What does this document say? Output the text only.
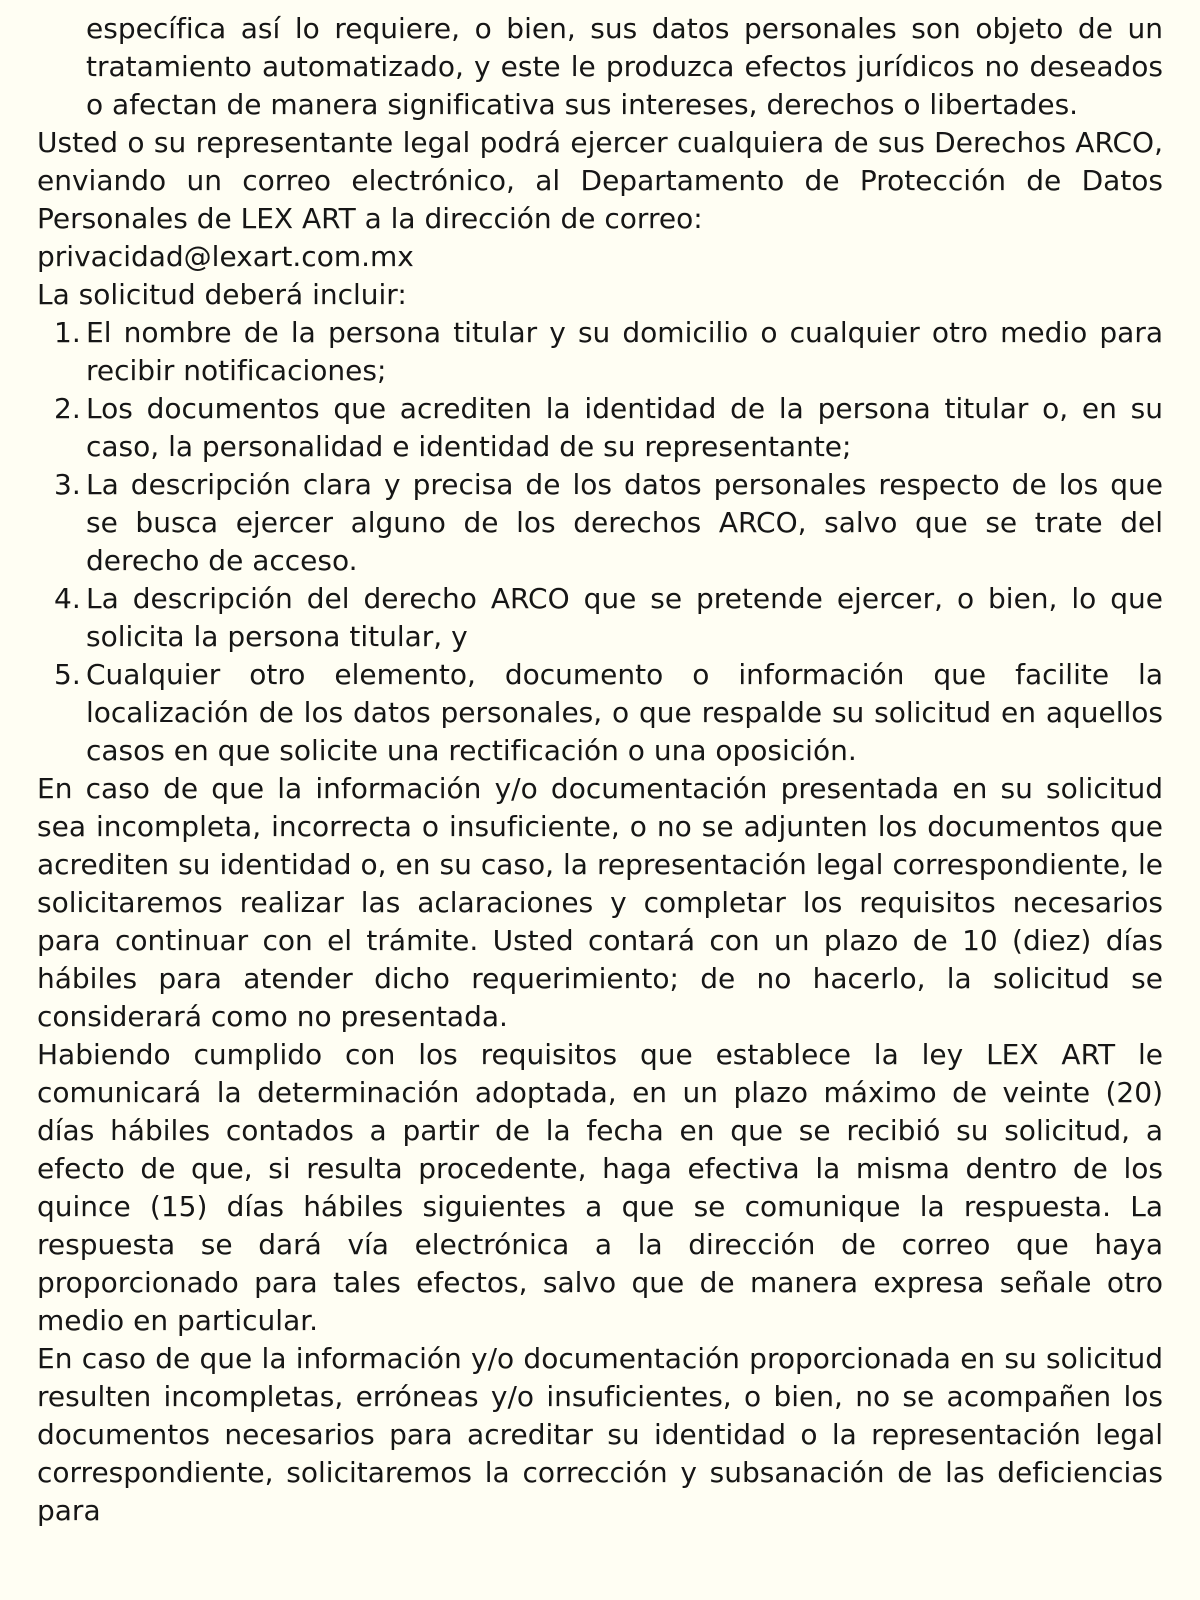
específica así lo requiere, o bien, sus datos personales son objeto de un tratamiento automatizado, y este le produzca efectos jurídicos no deseados o afectan de manera significativa sus intereses, derechos o libertades.

Usted o su representante legal podrá ejercer cualquiera de sus Derechos ARCO, enviando un correo electrónico, al Departamento de Protección de Datos Personales de LEX ART a la dirección de correo:

privacidad@lexart.com.mx

La solicitud deberá incluir:

1. El nombre de la persona titular y su domicilio o cualquier otro medio para recibir notificaciones;
2. Los documentos que acrediten la identidad de la persona titular o, en su caso, la personalidad e identidad de su representante;
3. La descripción clara y precisa de los datos personales respecto de los que se busca ejercer alguno de los derechos ARCO, salvo que se trate del derecho de acceso.
4. La descripción del derecho ARCO que se pretende ejercer, o bien, lo que solicita la persona titular, y
5. Cualquier otro elemento, documento o información que facilite la localización de los datos personales, o que respalde su solicitud en aquellos casos en que solicite una rectificación o una oposición.

En caso de que la información y/o documentación presentada en su solicitud sea incompleta, incorrecta o insuficiente, o no se adjunten los documentos que acrediten su identidad o, en su caso, la representación legal correspondiente, le solicitaremos realizar las aclaraciones y completar los requisitos necesarios para continuar con el trámite. Usted contará con un plazo de 10 (diez) días hábiles para atender dicho requerimiento; de no hacerlo, la solicitud se considerará como no presentada.

Habiendo cumplido con los requisitos que establece la ley LEX ART le comunicará la determinación adoptada, en un plazo máximo de veinte (20) días hábiles contados a partir de la fecha en que se recibió su solicitud, a efecto de que, si resulta procedente, haga efectiva la misma dentro de los quince (15) días hábiles siguientes a que se comunique la respuesta. La respuesta se dará vía electrónica a la dirección de correo que haya proporcionado para tales efectos, salvo que de manera expresa señale otro medio en particular.

En caso de que la información y/o documentación proporcionada en su solicitud resulten incompletas, erróneas y/o insuficientes, o bien, no se acompañen los documentos necesarios para acreditar su identidad o la representación legal correspondiente, solicitaremos la corrección y subsanación de las deficiencias para
